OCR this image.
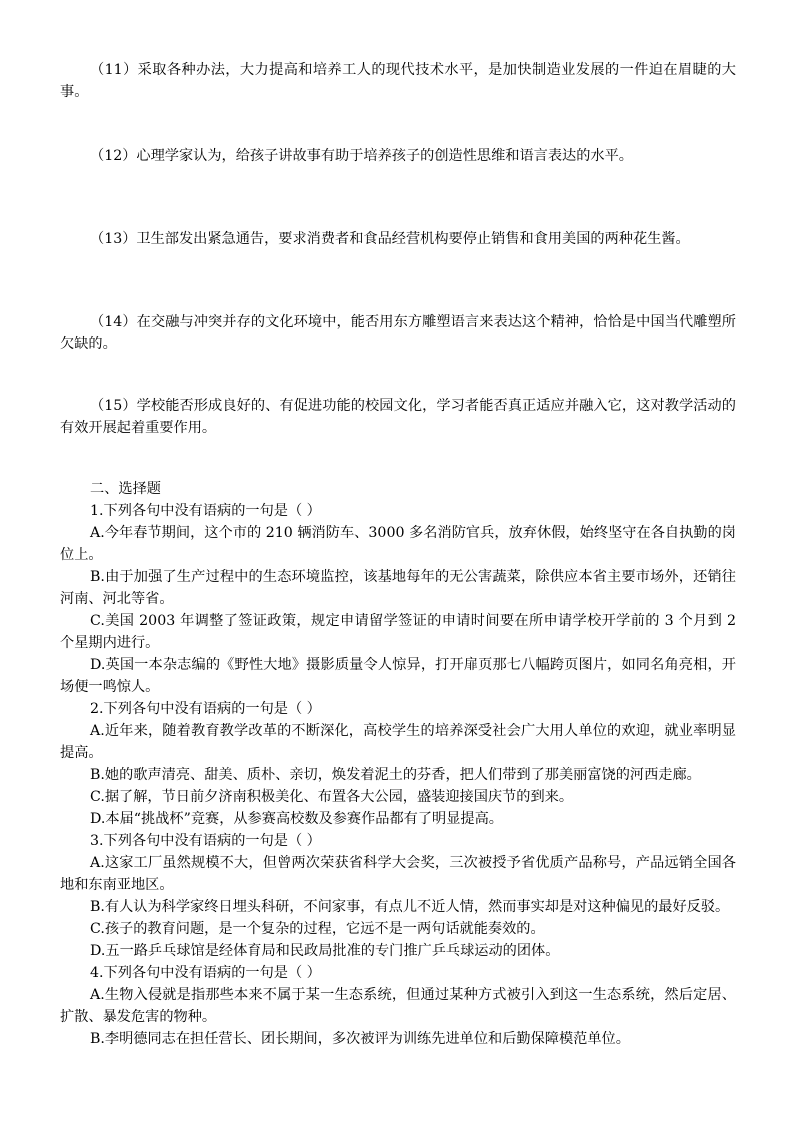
（11）采取各种办法，大力提高和培养工人的现代技术水平，是加快制造业发展的一件迫在眉睫的大事。

（12）心理学家认为，给孩子讲故事有助于培养孩子的创造性思维和语言表达的水平。

（13）卫生部发出紧急通告，要求消费者和食品经营机构要停止销售和食用美国的两种花生酱。

（14）在交融与冲突并存的文化环境中，能否用东方雕塑语言来表达这个精神，恰恰是中国当代雕塑所欠缺的。

（15）学校能否形成良好的、有促进功能的校园文化，学习者能否真正适应并融入它，这对教学活动的有效开展起着重要作用。

二、选择题

1.下列各句中没有语病的一句是（ ）

A.今年春节期间，这个市的 210 辆消防车、3000 多名消防官兵，放弃休假，始终坚守在各自执勤的岗位上。

B.由于加强了生产过程中的生态环境监控，该基地每年的无公害蔬菜，除供应本省主要市场外，还销往河南、河北等省。

C.美国 2003 年调整了签证政策，规定申请留学签证的申请时间要在所申请学校开学前的 3 个月到 2 个星期内进行。

D.英国一本杂志编的《野性大地》摄影质量令人惊异，打开扉页那七八幅跨页图片，如同名角亮相，开场便一鸣惊人。

2.下列各句中没有语病的一句是（ ）

A.近年来，随着教育教学改革的不断深化，高校学生的培养深受社会广大用人单位的欢迎，就业率明显提高。

B.她的歌声清亮、甜美、质朴、亲切，焕发着泥土的芬香，把人们带到了那美丽富饶的河西走廊。

C.据了解，节日前夕济南积极美化、布置各大公园，盛装迎接国庆节的到来。

D.本届“挑战杯”竞赛，从参赛高校数及参赛作品都有了明显提高。

3.下列各句中没有语病的一句是（ ）

A.这家工厂虽然规模不大，但曾两次荣获省科学大会奖，三次被授予省优质产品称号，产品远销全国各地和东南亚地区。

B.有人认为科学家终日埋头科研，不问家事，有点儿不近人情，然而事实却是对这种偏见的最好反驳。

C.孩子的教育问题，是一个复杂的过程，它远不是一两句话就能奏效的。

D.五一路乒乓球馆是经体育局和民政局批准的专门推广乒乓球运动的团体。

4.下列各句中没有语病的一句是（ ）

A.生物入侵就是指那些本来不属于某一生态系统，但通过某种方式被引入到这一生态系统，然后定居、扩散、暴发危害的物种。

B.李明德同志在担任营长、团长期间，多次被评为训练先进单位和后勤保障模范单位。
